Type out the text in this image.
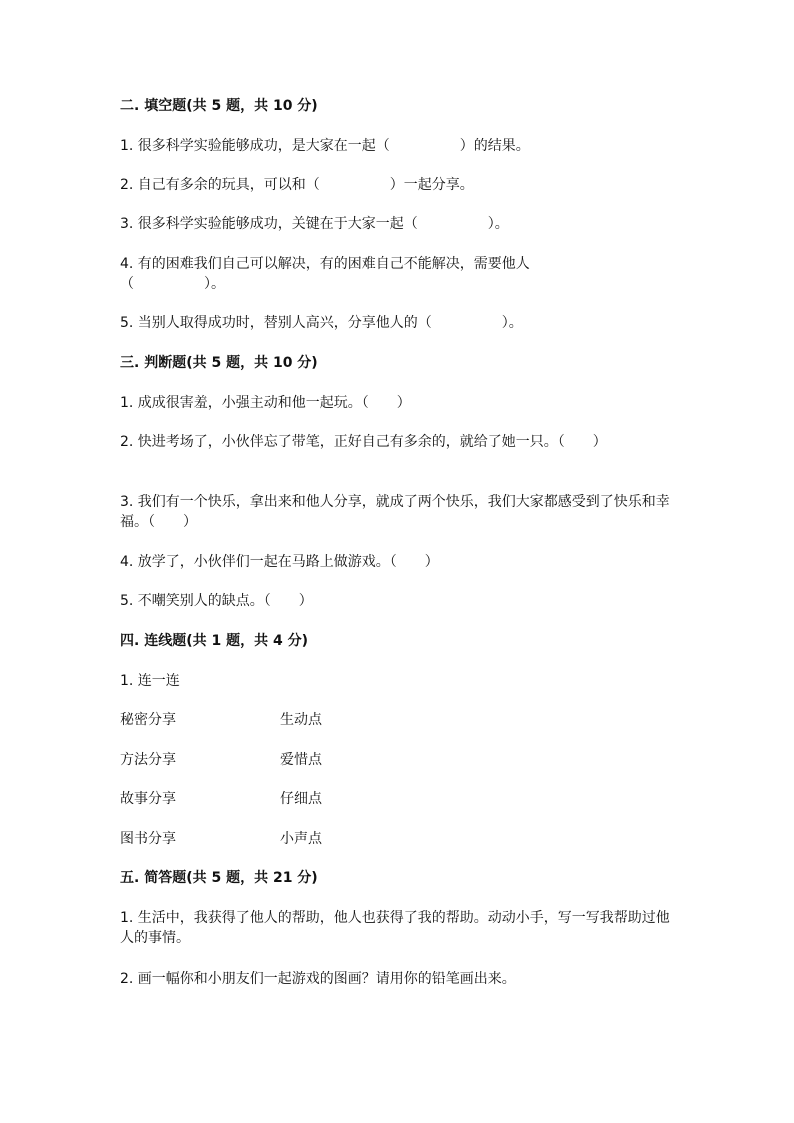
二. 填空题(共 5 题，共 10 分)

1. 很多科学实验能够成功，是大家在一起（　　　　　）的结果。

2. 自己有多余的玩具，可以和（　　　　　）一起分享。

3. 很多科学实验能够成功，关键在于大家一起（　　　　　）。

4. 有的困难我们自己可以解决，有的困难自己不能解决，需要他人（　　　　　）。

5. 当别人取得成功时，替别人高兴，分享他人的（　　　　　）。

三. 判断题(共 5 题，共 10 分)

1. 成成很害羞，小强主动和他一起玩。（　　）

2. 快进考场了，小伙伴忘了带笔，正好自己有多余的，就给了她一只。（　　）

3. 我们有一个快乐，拿出来和他人分享，就成了两个快乐，我们大家都感受到了快乐和幸福。（　　）

4. 放学了，小伙伴们一起在马路上做游戏。（　　）

5. 不嘲笑别人的缺点。（　　）

四. 连线题(共 1 题，共 4 分)

1. 连一连

秘密分享	生动点

方法分享	爱惜点

故事分享	仔细点

图书分享	小声点

五. 简答题(共 5 题，共 21 分)

1. 生活中，我获得了他人的帮助，他人也获得了我的帮助。动动小手，写一写我帮助过他人的事情。

2. 画一幅你和小朋友们一起游戏的图画？请用你的铅笔画出来。
